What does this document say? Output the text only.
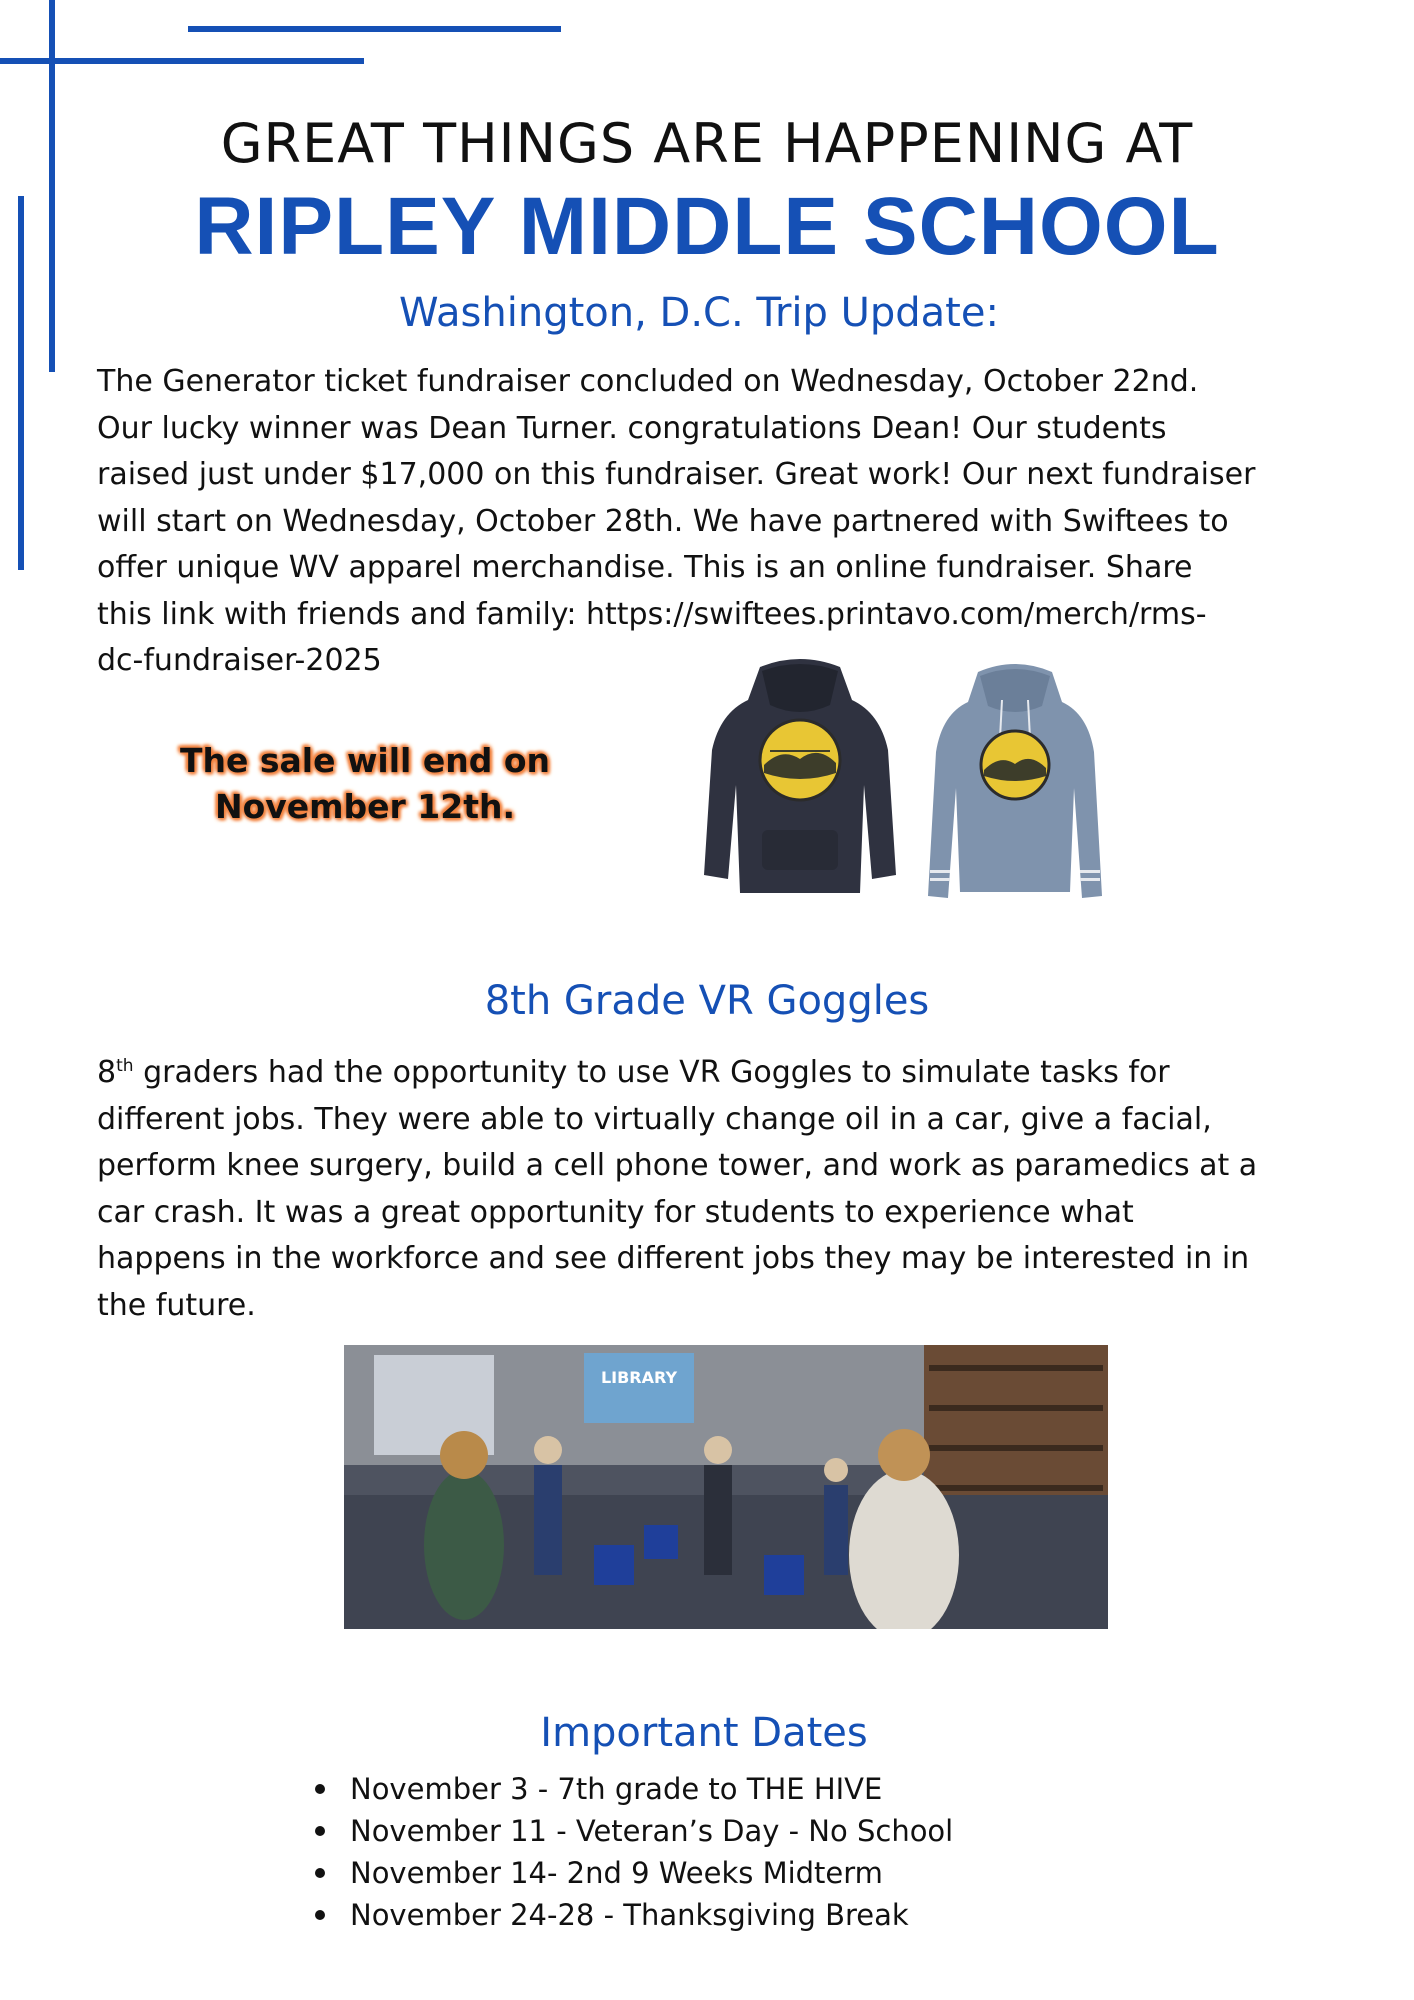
GREAT THINGS ARE HAPPENING AT
RIPLEY MIDDLE SCHOOL
Washington, D.C. Trip Update:
The Generator ticket fundraiser concluded on Wednesday, October 22nd.
Our lucky winner was Dean Turner. congratulations Dean! Our students
raised just under $17,000 on this fundraiser. Great work! Our next fundraiser
will start on Wednesday, October 28th. We have partnered with Swiftees to
offer unique WV apparel merchandise. This is an online fundraiser. Share
this link with friends and family: https://swiftees.printavo.com/merch/rms-
dc-fundraiser-2025
The sale will end on
November 12th.
8th Grade VR Goggles
8th graders had the opportunity to use VR Goggles to simulate tasks for
different jobs. They were able to virtually change oil in a car, give a facial,
perform knee surgery, build a cell phone tower, and work as paramedics at a
car crash. It was a great opportunity for students to experience what
happens in the workforce and see different jobs they may be interested in in
the future.
LIBRARY
Important Dates
November 3 - 7th grade to THE HIVE
November 11 - Veteran’s Day - No School
November 14- 2nd 9 Weeks Midterm
November 24-28 - Thanksgiving Break
